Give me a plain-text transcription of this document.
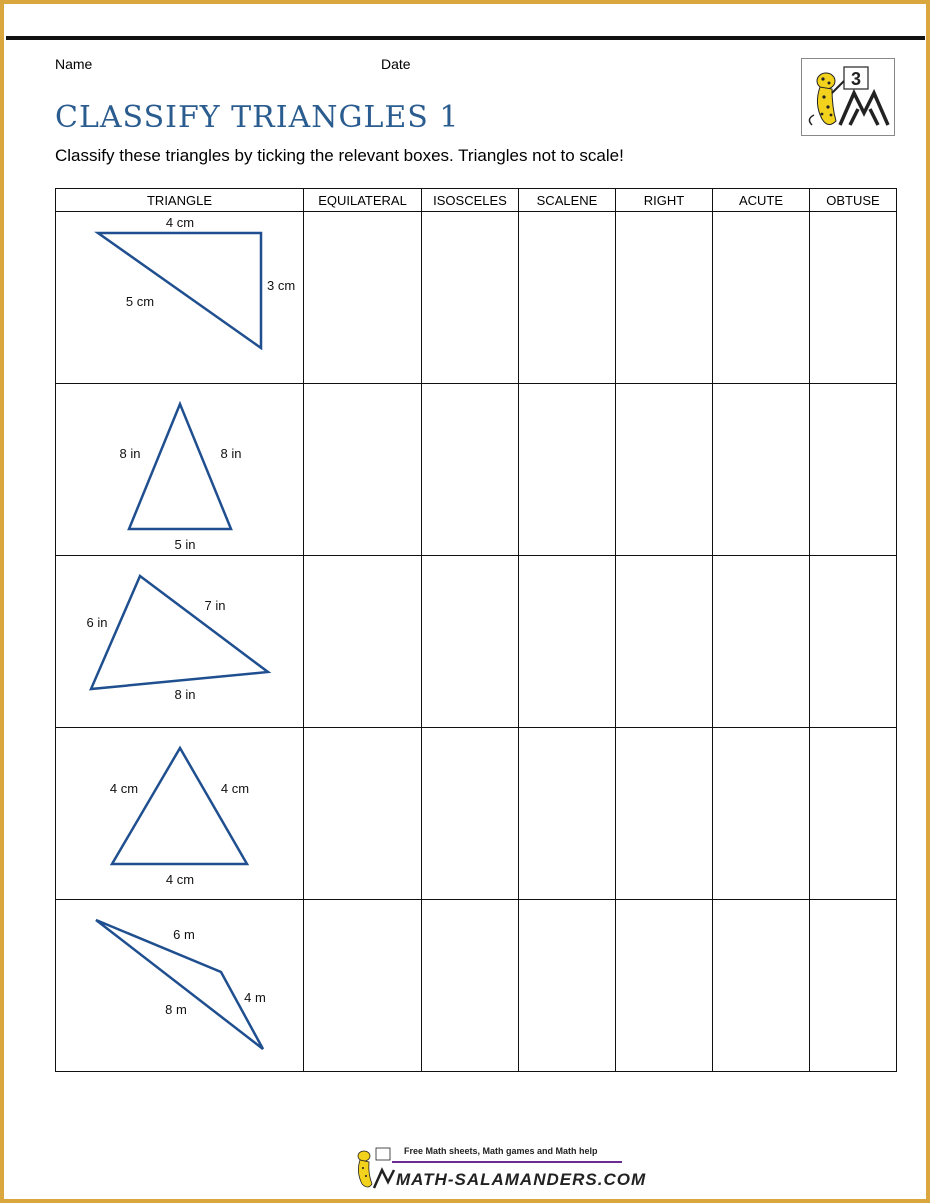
Name	Date
CLASSIFY TRIANGLES 1
Classify these triangles by ticking the relevant boxes. Triangles not to scale!
3
TRIANGLE	EQUILATERAL	ISOSCELES	SCALENE	RIGHT	ACUTE	OBTUSE

4 cm
3 cm
5 cm						

8 in 8 in
5 in						

6 in
7 in
8 in						

4 cm 4 cm
4 cm						

6 m
4 m
8 m						

Free Math sheets, Math games and Math help
MATH-SALAMANDERS.COM
